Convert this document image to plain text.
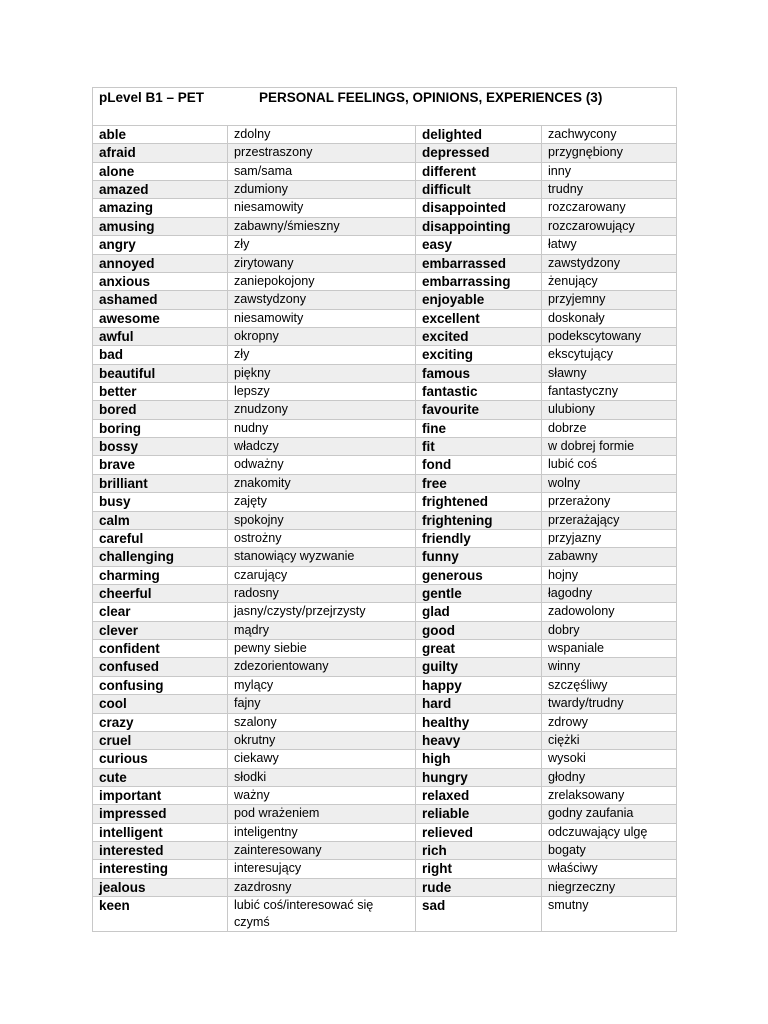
pLevel B1 – PET PERSONAL FEELINGS, OPINIONS, EXPERIENCES (3)			
able	zdolny	delighted	zachwycony
afraid	przestraszony	depressed	przygnębiony
alone	sam/sama	different	inny
amazed	zdumiony	difficult	trudny
amazing	niesamowity	disappointed	rozczarowany
amusing	zabawny/śmieszny	disappointing	rozczarowujący
angry	zły	easy	łatwy
annoyed	zirytowany	embarrassed	zawstydzony
anxious	zaniepokojony	embarrassing	żenujący
ashamed	zawstydzony	enjoyable	przyjemny
awesome	niesamowity	excellent	doskonały
awful	okropny	excited	podekscytowany
bad	zły	exciting	ekscytujący
beautiful	piękny	famous	sławny
better	lepszy	fantastic	fantastyczny
bored	znudzony	favourite	ulubiony
boring	nudny	fine	dobrze
bossy	władczy	fit	w dobrej formie
brave	odważny	fond	lubić coś
brilliant	znakomity	free	wolny
busy	zajęty	frightened	przerażony
calm	spokojny	frightening	przerażający
careful	ostrożny	friendly	przyjazny
challenging	stanowiący wyzwanie	funny	zabawny
charming	czarujący	generous	hojny
cheerful	radosny	gentle	łagodny
clear	jasny/czysty/przejrzysty	glad	zadowolony
clever	mądry	good	dobry
confident	pewny siebie	great	wspaniale
confused	zdezorientowany	guilty	winny
confusing	mylący	happy	szczęśliwy
cool	fajny	hard	twardy/trudny
crazy	szalony	healthy	zdrowy
cruel	okrutny	heavy	ciężki
curious	ciekawy	high	wysoki
cute	słodki	hungry	głodny
important	ważny	relaxed	zrelaksowany
impressed	pod wrażeniem	reliable	godny zaufania
intelligent	inteligentny	relieved	odczuwający ulgę
interested	zainteresowany	rich	bogaty
interesting	interesujący	right	właściwy
jealous	zazdrosny	rude	niegrzeczny
keen	lubić coś/interesować się czymś	sad	smutny
